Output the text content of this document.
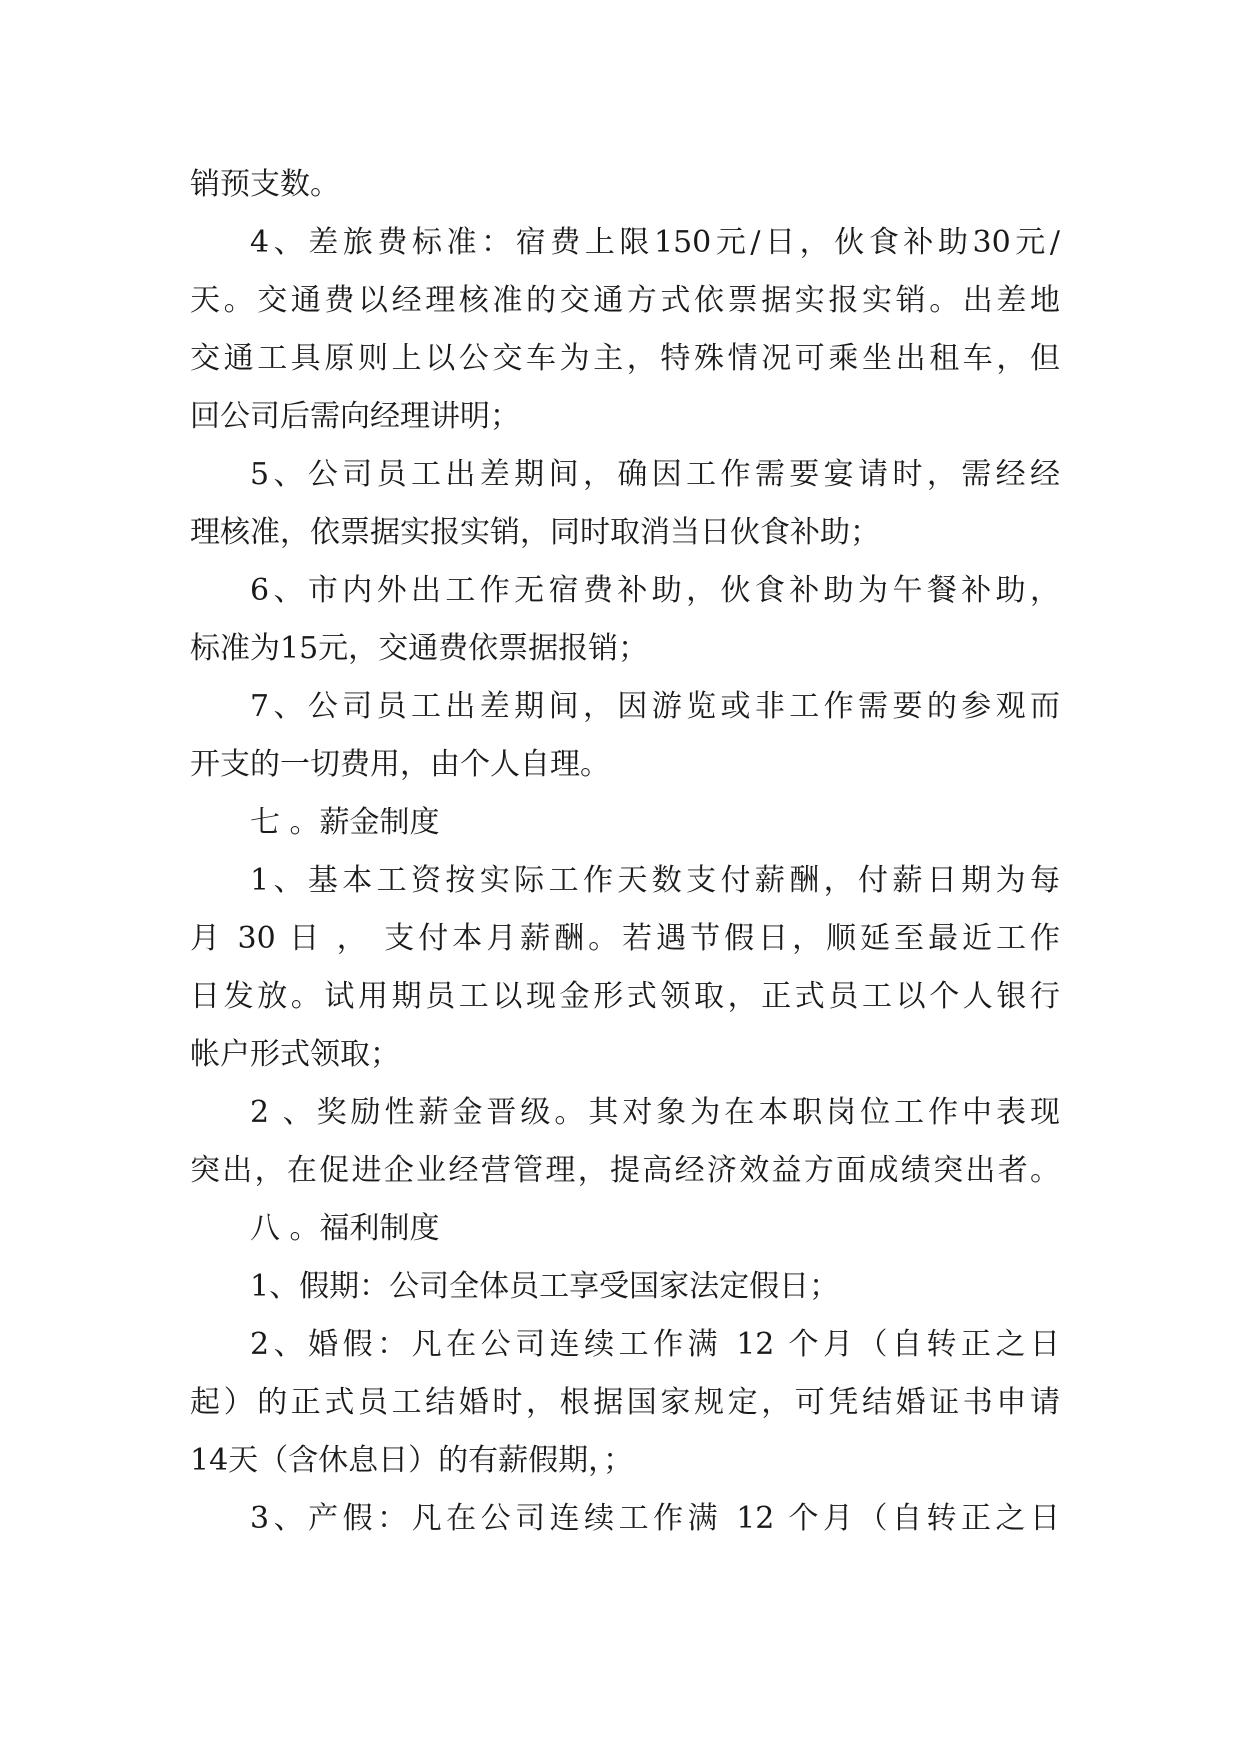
销预支数。
4、差旅费标准：宿费上限150元/日，伙食补助30元/
天。交通费以经理核准的交通方式依票据实报实销。出差地
交通工具原则上以公交车为主，特殊情况可乘坐出租车，但
回公司后需向经理讲明；
5、公司员工出差期间，确因工作需要宴请时，需经经
理核准，依票据实报实销，同时取消当日伙食补助；
6、市内外出工作无宿费补助，伙食补助为午餐补助，
标准为15元，交通费依票据报销；
7、公司员工出差期间，因游览或非工作需要的参观而
开支的一切费用，由个人自理。
七 。薪金制度
1、基本工资按实际工作天数支付薪酬，付薪日期为每
月 30 日 ， 支付本月薪酬。若遇节假日，顺延至最近工作
日发放。试用期员工以现金形式领取，正式员工以个人银行
帐户形式领取；
2 、奖励性薪金晋级。其对象为在本职岗位工作中表现
突出，在促进企业经营管理，提高经济效益方面成绩突出者。
八 。福利制度
1、假期：公司全体员工享受国家法定假日；
2、婚假：凡在公司连续工作满 12 个月（自转正之日
起）的正式员工结婚时，根据国家规定，可凭结婚证书申请
14天（含休息日）的有薪假期，；
3、产假：凡在公司连续工作满 12 个月（自转正之日
